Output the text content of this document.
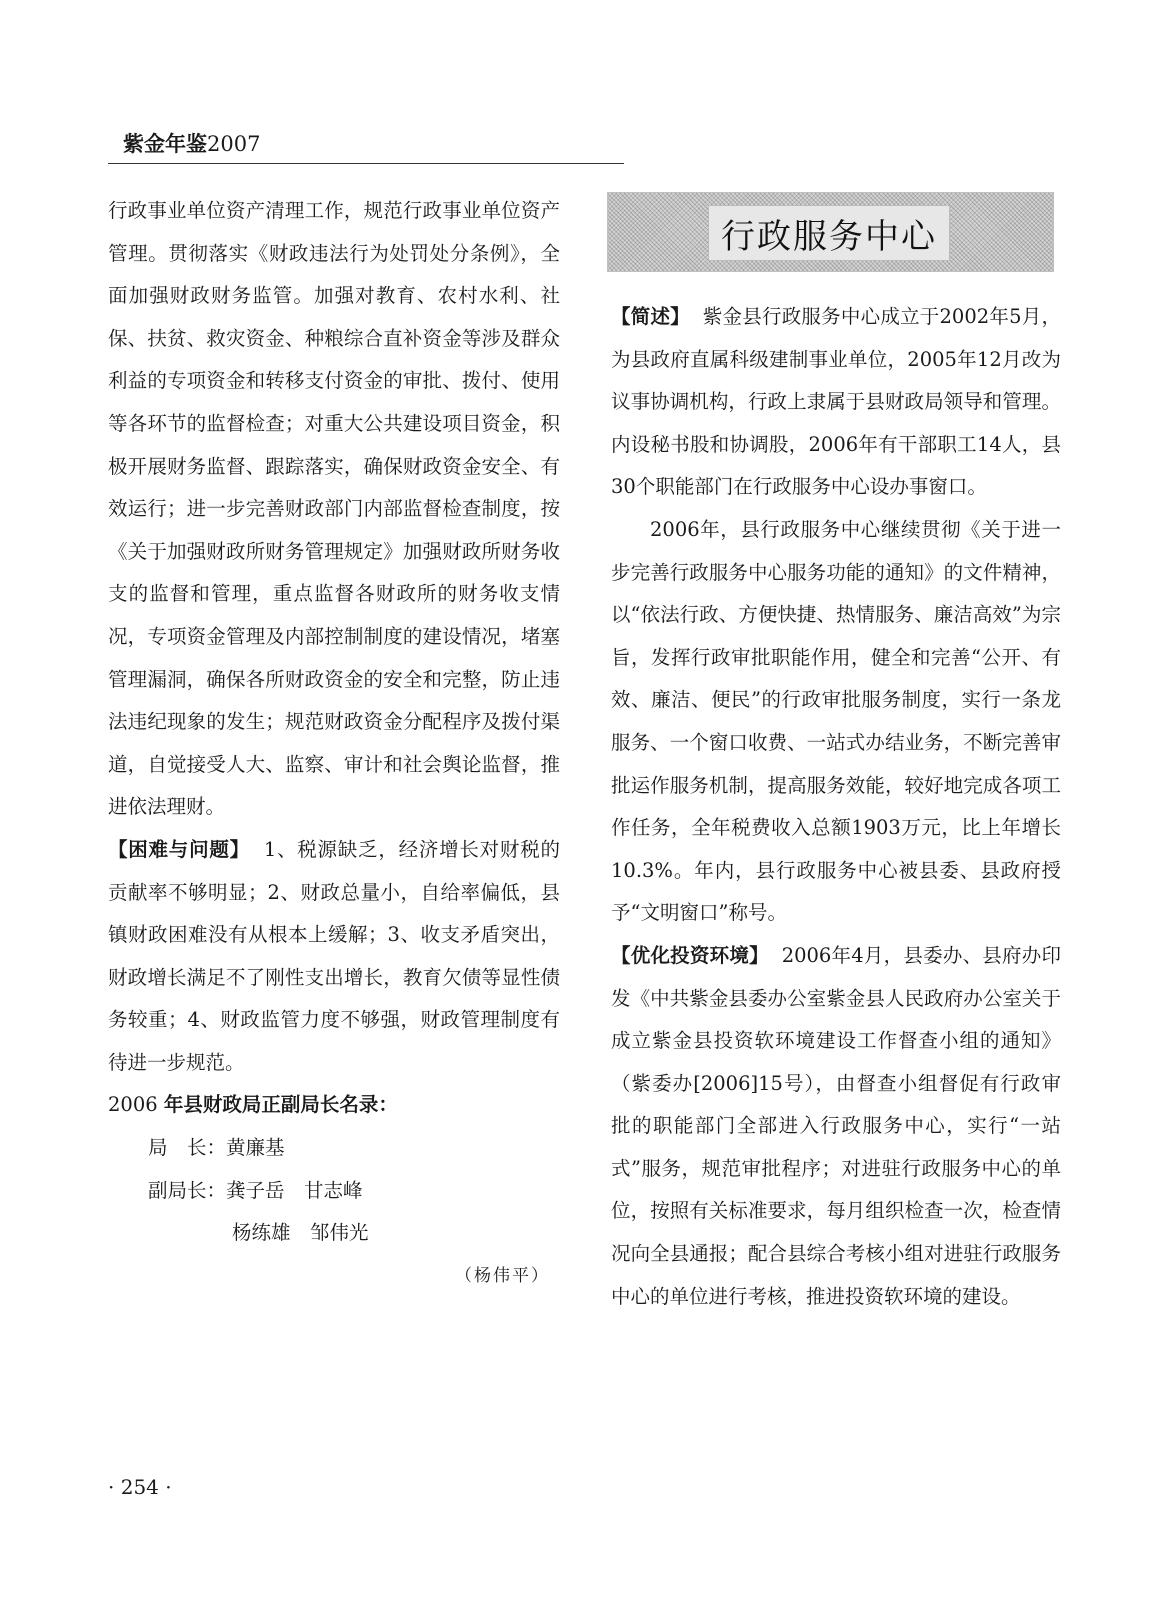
紫金年鉴2007

行政事业单位资产清理工作，规范行政事业单位资产管理。贯彻落实《财政违法行为处罚处分条例》，全面加强财政财务监管。加强对教育、农村水利、社保、扶贫、救灾资金、种粮综合直补资金等涉及群众利益的专项资金和转移支付资金的审批、拨付、使用等各环节的监督检查；对重大公共建设项目资金，积极开展财务监督、跟踪落实，确保财政资金安全、有效运行；进一步完善财政部门内部监督检查制度，按《关于加强财政所财务管理规定》加强财政所财务收支的监督和管理，重点监督各财政所的财务收支情况，专项资金管理及内部控制制度的建设情况，堵塞管理漏洞，确保各所财政资金的安全和完整，防止违法违纪现象的发生；规范财政资金分配程序及拨付渠道，自觉接受人大、监察、审计和社会舆论监督，推进依法理财。

【困难与问题】 1、税源缺乏，经济增长对财税的贡献率不够明显；2、财政总量小，自给率偏低，县镇财政困难没有从根本上缓解；3、收支矛盾突出，财政增长满足不了刚性支出增长，教育欠债等显性债务较重；4、财政监管力度不够强，财政管理制度有待进一步规范。

2006 年县财政局正副局长名录：

局　长：黄廉基
副局长：龚子岳　甘志峰
杨练雄　邹伟光

（杨伟平）

行政服务中心

【简述】 紫金县行政服务中心成立于2002年5月，为县政府直属科级建制事业单位，2005年12月改为议事协调机构，行政上隶属于县财政局领导和管理。内设秘书股和协调股，2006年有干部职工14人，县30个职能部门在行政服务中心设办事窗口。

2006年，县行政服务中心继续贯彻《关于进一步完善行政服务中心服务功能的通知》的文件精神，以“依法行政、方便快捷、热情服务、廉洁高效”为宗旨，发挥行政审批职能作用，健全和完善“公开、有效、廉洁、便民”的行政审批服务制度，实行一条龙服务、一个窗口收费、一站式办结业务，不断完善审批运作服务机制，提高服务效能，较好地完成各项工作任务，全年税费收入总额1903万元，比上年增长10.3%。年内，县行政服务中心被县委、县政府授予“文明窗口”称号。

【优化投资环境】 2006年4月，县委办、县府办印发《中共紫金县委办公室紫金县人民政府办公室关于成立紫金县投资软环境建设工作督查小组的通知》（紫委办[2006]15号），由督查小组督促有行政审批的职能部门全部进入行政服务中心，实行“一站式”服务，规范审批程序；对进驻行政服务中心的单位，按照有关标准要求，每月组织检查一次，检查情况向全县通报；配合县综合考核小组对进驻行政服务中心的单位进行考核，推进投资软环境的建设。

· 254 ·
